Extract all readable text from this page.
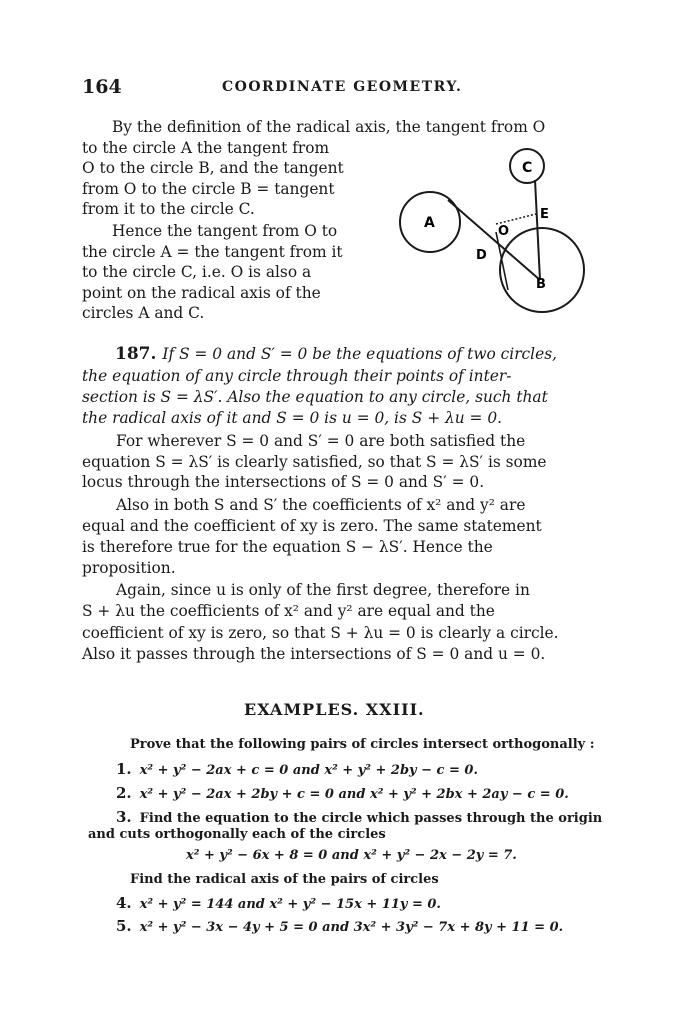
164	COORDINATE GEOMETRY.
By the definition of the radical axis, the tangent from O
to the circle A the tangent from
O to the circle B, and the tangent
from O to the circle B = tangent
from it to the circle C.
Hence the tangent from O to
the circle A = the tangent from it
to the circle C, i.e. O is also a
point on the radical axis of the
circles A and C.
C
A
O
E
D
B
187. If S = 0 and S′ = 0 be the equations of two circles,
the equation of any circle through their points of inter-
section is S = λS′. Also the equation to any circle, such that
the radical axis of it and S = 0 is u = 0, is S + λu = 0.
For wherever S = 0 and S′ = 0 are both satisfied the
equation S = λS′ is clearly satisfied, so that S = λS′ is some
locus through the intersections of S = 0 and S′ = 0.
Also in both S and S′ the coefficients of x² and y² are
equal and the coefficient of xy is zero. The same statement
is therefore true for the equation S − λS′. Hence the
proposition.
Again, since u is only of the first degree, therefore in
S + λu the coefficients of x² and y² are equal and the
coefficient of xy is zero, so that S + λu = 0 is clearly a circle.
Also it passes through the intersections of S = 0 and u = 0.
EXAMPLES. XXIII.
Prove that the following pairs of circles intersect orthogonally :
1. x² + y² − 2ax + c = 0 and x² + y² + 2by − c = 0.
2. x² + y² − 2ax + 2by + c = 0 and x² + y² + 2bx + 2ay − c = 0.
3. Find the equation to the circle which passes through the origin
and cuts orthogonally each of the circles
x² + y² − 6x + 8 = 0 and x² + y² − 2x − 2y = 7.
Find the radical axis of the pairs of circles
4. x² + y² = 144 and x² + y² − 15x + 11y = 0.
5. x² + y² − 3x − 4y + 5 = 0 and 3x² + 3y² − 7x + 8y + 11 = 0.
